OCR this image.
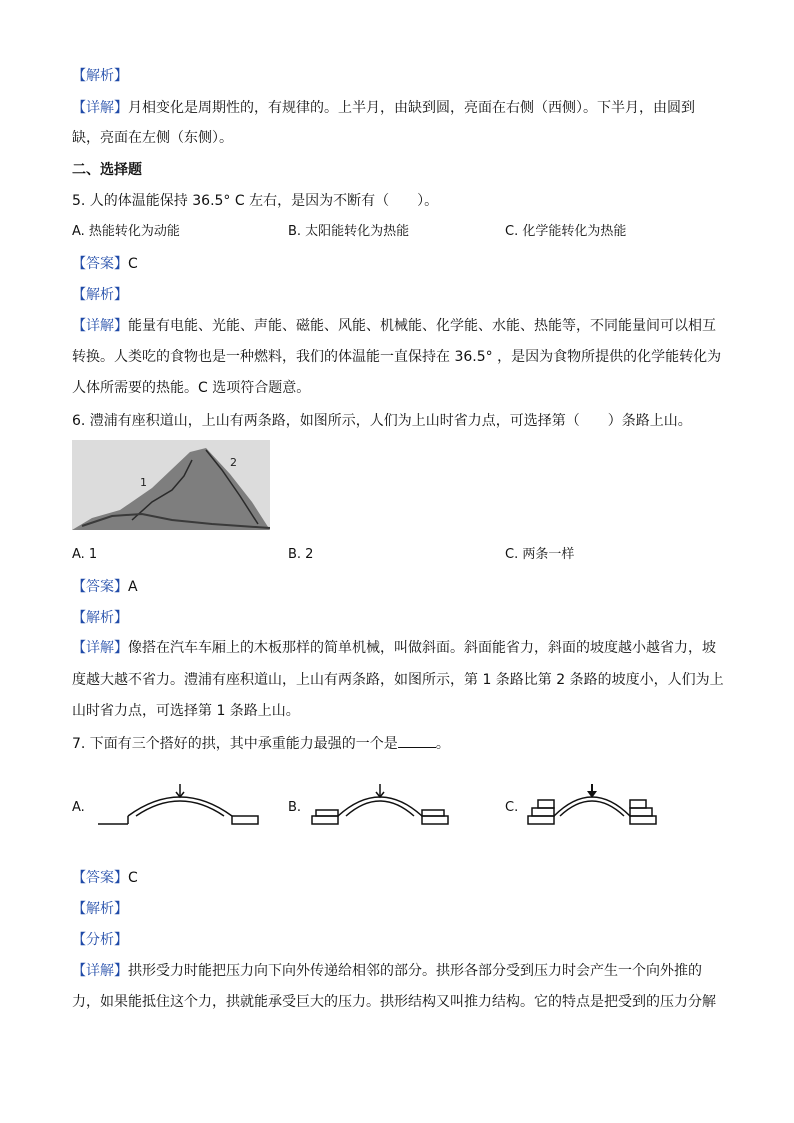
【解析】
【详解】月相变化是周期性的，有规律的。上半月，由缺到圆，亮面在右侧（西侧）。下半月，由圆到
缺，亮面在左侧（东侧）。
二、选择题
5. 人的体温能保持 36.5° C 左右，是因为不断有（　　）。
A. 热能转化为动能	B. 太阳能转化为热能	C. 化学能转化为热能
【答案】C
【解析】
【详解】能量有电能、光能、声能、磁能、风能、机械能、化学能、水能、热能等，不同能量间可以相互
转换。人类吃的食物也是一种燃料，我们的体温能一直保持在 36.5° ，是因为食物所提供的化学能转化为
人体所需要的热能。C 选项符合题意。
6. 澧浦有座积道山，上山有两条路，如图所示，人们为上山时省力点，可选择第（　　）条路上山。
1
2
A. 1	B. 2	C. 两条一样
【答案】A
【解析】
【详解】像搭在汽车车厢上的木板那样的简单机械，叫做斜面。斜面能省力，斜面的坡度越小越省力，坡
度越大越不省力。澧浦有座积道山，上山有两条路，如图所示，第 1 条路比第 2 条路的坡度小，人们为上
山时省力点，可选择第 1 条路上山。
7. 下面有三个搭好的拱，其中承重能力最强的一个是	。
A.	B.	C.
【答案】C
【解析】
【分析】
【详解】拱形受力时能把压力向下向外传递给相邻的部分。拱形各部分受到压力时会产生一个向外推的
力，如果能抵住这个力，拱就能承受巨大的压力。拱形结构又叫推力结构。它的特点是把受到的压力分解
